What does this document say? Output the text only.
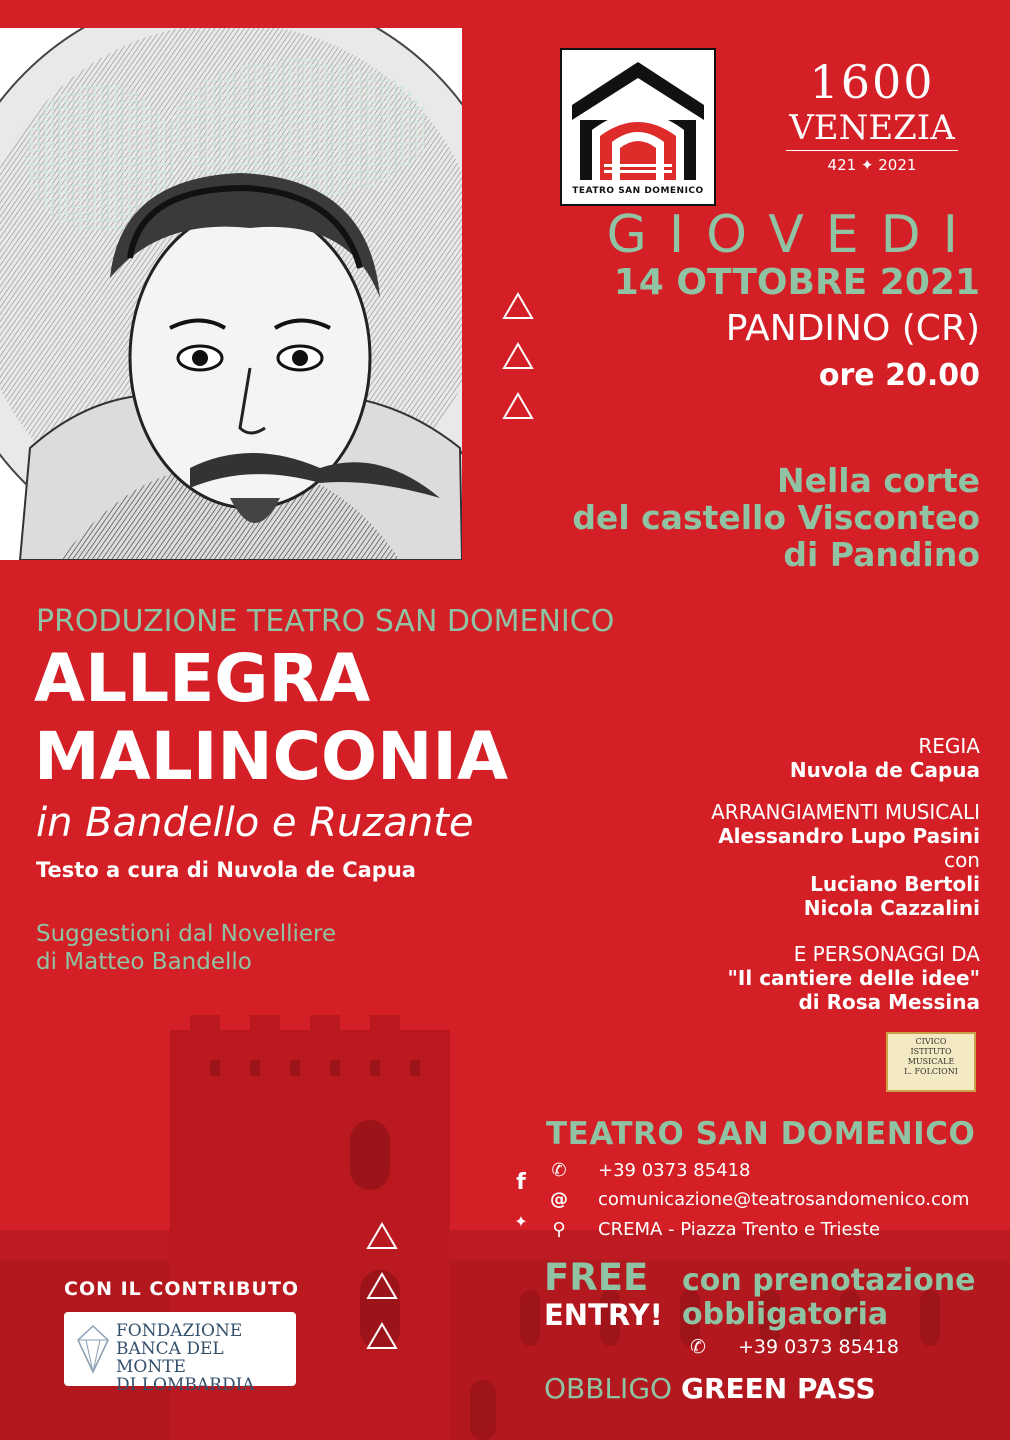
TEATRO SAN DOMENICO
1600
VENEZIA
421 ✦ 2021
GIOVEDI
14 OTTOBRE 2021
PANDINO (CR)
ore 20.00
Nella corte
del castello Visconteo
di Pandino
PRODUZIONE TEATRO SAN DOMENICO
ALLEGRA
MALINCONIA
in Bandello e Ruzante
Testo a cura di Nuvola de Capua
Suggestioni dal Novelliere
di Matteo Bandello
REGIA
Nuvola de Capua
ARRANGIAMENTI MUSICALI
Alessandro Lupo Pasini
con
Luciano Bertoli
Nicola Cazzalini
E PERSONAGGI DA
"Il cantiere delle idee"
di Rosa Messina
CIVICO
ISTITUTO
MUSICALE
L. FOLCIONI
TEATRO SAN DOMENICO
f
✦
✆ +39 0373 85418
@ comunicazione@teatrosandomenico.com
⚲ CREMA - Piazza Trento e Trieste
FREE
ENTRY!
con prenotazione
obbligatoria
✆ +39 0373 85418
OBBLIGO GREEN PASS
CON IL CONTRIBUTO
FONDAZIONE
BANCA DEL MONTE
DI LOMBARDIA
